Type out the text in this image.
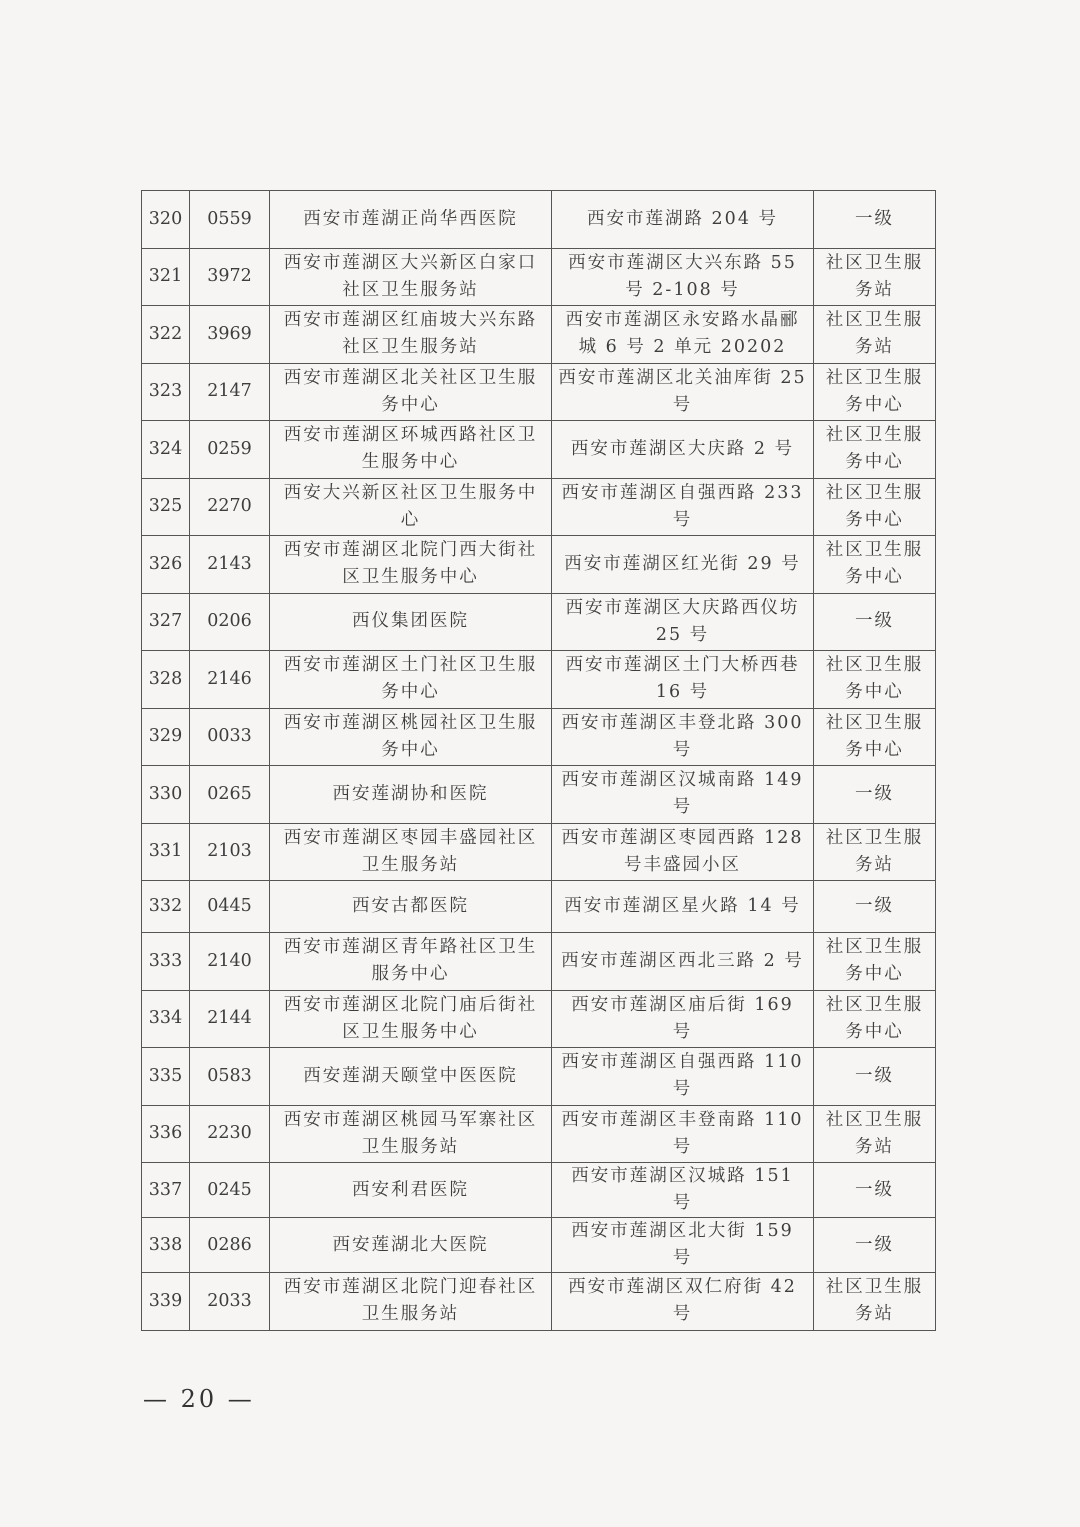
320	0559	西安市莲湖正尚华西医院	西安市莲湖路 204 号	一级
321	3972	西安市莲湖区大兴新区白家口社区卫生服务站	西安市莲湖区大兴东路 55 号 2-108 号	社区卫生服务站
322	3969	西安市莲湖区红庙坡大兴东路社区卫生服务站	西安市莲湖区永安路水晶郦城 6 号 2 单元 20202	社区卫生服务站
323	2147	西安市莲湖区北关社区卫生服务中心	西安市莲湖区北关油库街 25 号	社区卫生服务中心
324	0259	西安市莲湖区环城西路社区卫生服务中心	西安市莲湖区大庆路 2 号	社区卫生服务中心
325	2270	西安大兴新区社区卫生服务中心	西安市莲湖区自强西路 233 号	社区卫生服务中心
326	2143	西安市莲湖区北院门西大街社区卫生服务中心	西安市莲湖区红光街 29 号	社区卫生服务中心
327	0206	西仪集团医院	西安市莲湖区大庆路西仪坊 25 号	一级
328	2146	西安市莲湖区土门社区卫生服务中心	西安市莲湖区土门大桥西巷 16 号	社区卫生服务中心
329	0033	西安市莲湖区桃园社区卫生服务中心	西安市莲湖区丰登北路 300 号	社区卫生服务中心
330	0265	西安莲湖协和医院	西安市莲湖区汉城南路 149 号	一级
331	2103	西安市莲湖区枣园丰盛园社区卫生服务站	西安市莲湖区枣园西路 128 号丰盛园小区	社区卫生服务站
332	0445	西安古都医院	西安市莲湖区星火路 14 号	一级
333	2140	西安市莲湖区青年路社区卫生服务中心	西安市莲湖区西北三路 2 号	社区卫生服务中心
334	2144	西安市莲湖区北院门庙后街社区卫生服务中心	西安市莲湖区庙后街 169 号	社区卫生服务中心
335	0583	西安莲湖天颐堂中医医院	西安市莲湖区自强西路 110 号	一级
336	2230	西安市莲湖区桃园马军寨社区卫生服务站	西安市莲湖区丰登南路 110 号	社区卫生服务站
337	0245	西安利君医院	西安市莲湖区汉城路 151 号	一级
338	0286	西安莲湖北大医院	西安市莲湖区北大街 159 号	一级
339	2033	西安市莲湖区北院门迎春社区卫生服务站	西安市莲湖区双仁府街 42 号	社区卫生服务站
— 20 —
